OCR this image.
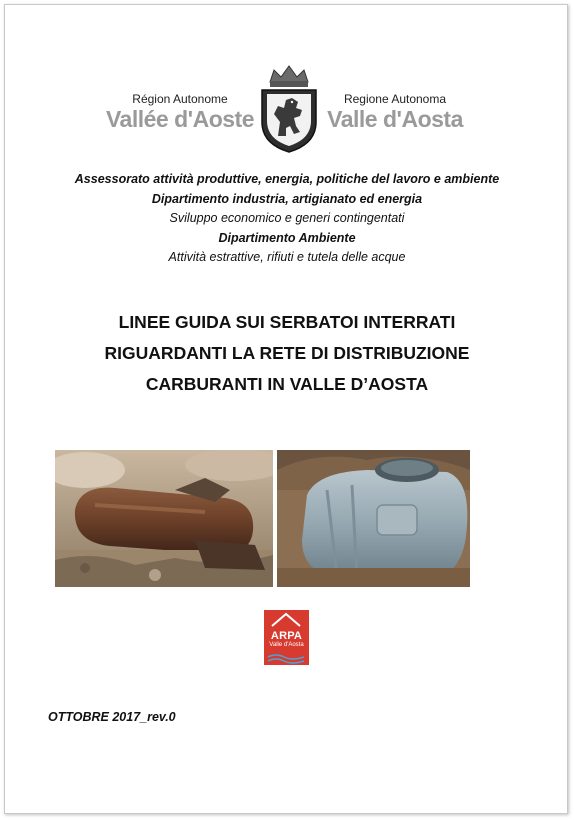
Région Autonome
Vallée d'Aoste
Regione Autonoma
Valle d'Aosta
Assessorato attività produttive, energia, politiche del lavoro e ambiente
Dipartimento industria, artigianato ed energia
Sviluppo economico e generi contingentati
Dipartimento Ambiente
Attività estrattive, rifiuti e tutela delle acque
LINEE GUIDA SUI SERBATOI INTERRATI
RIGUARDANTI LA RETE DI DISTRIBUZIONE
CARBURANTI IN VALLE D’AOSTA
ARPA
Valle d'Aosta
OTTOBRE 2017_rev.0
